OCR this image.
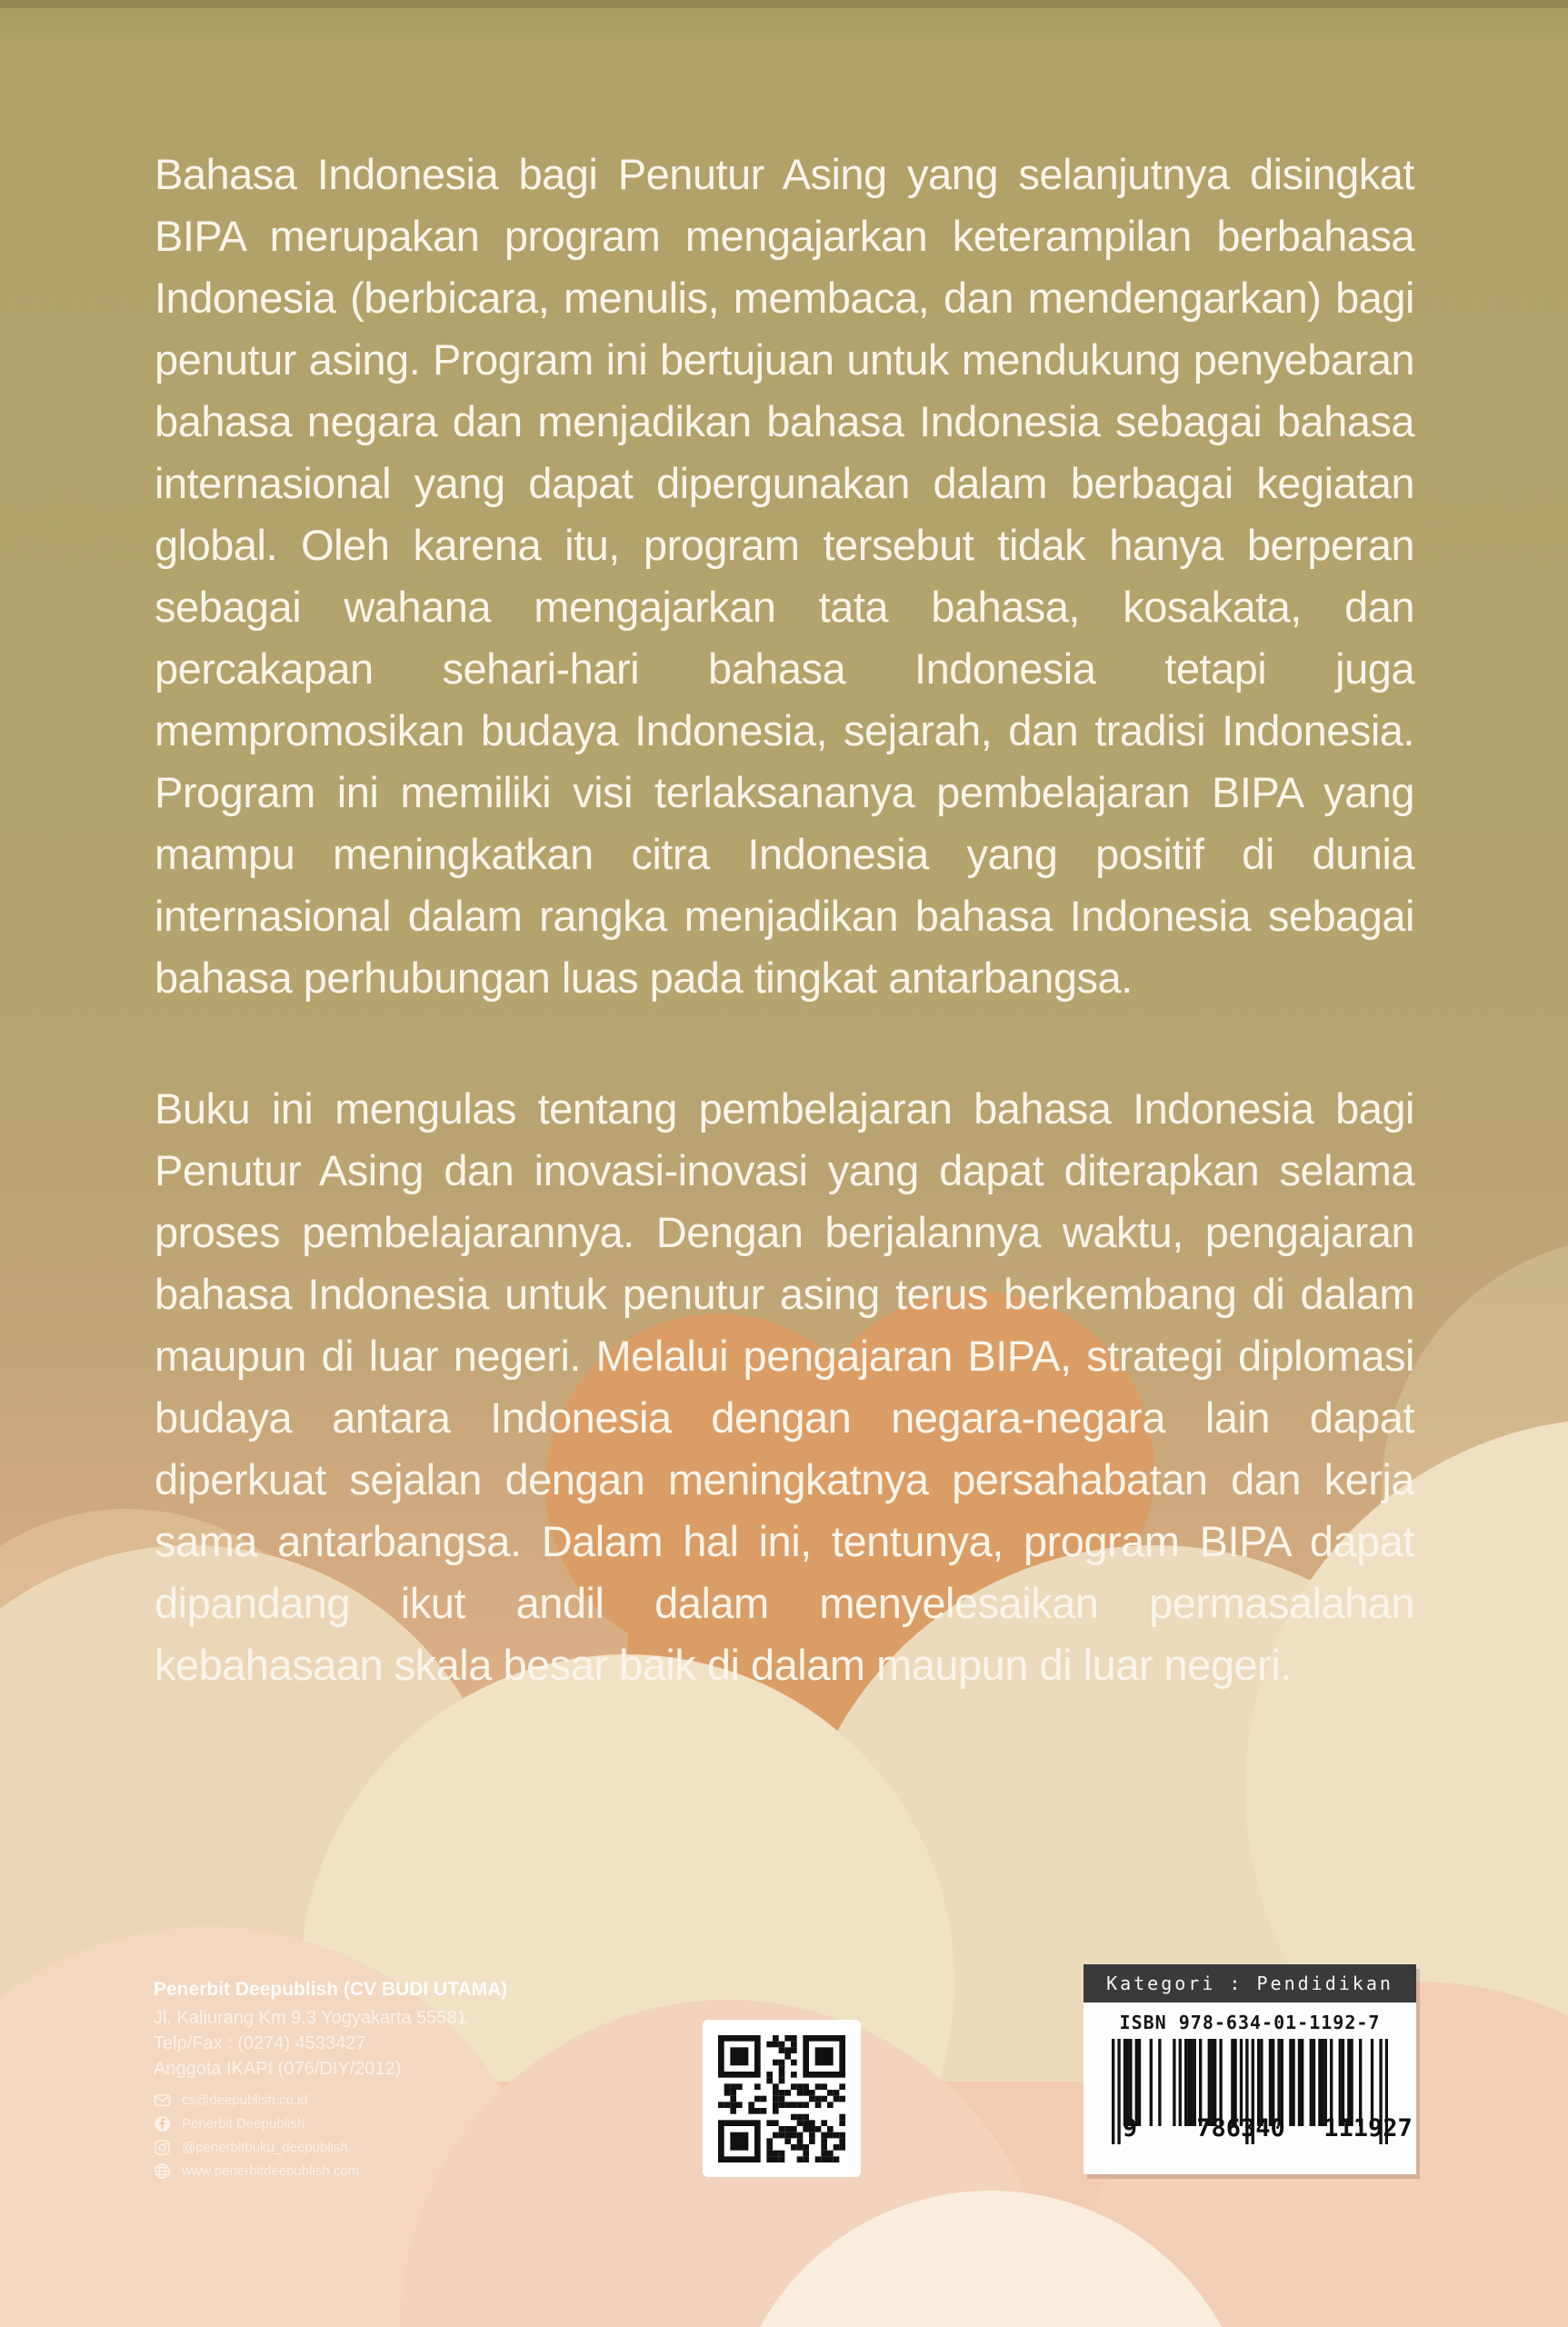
Bahasa Indonesia bagi Penutur Asing yang selanjutnya disingkat BIPA merupakan program mengajarkan keterampilan berbahasa Indonesia (berbicara, menulis, membaca, dan mendengarkan) bagi penutur asing. Program ini bertujuan untuk mendukung penyebaran bahasa negara dan menjadikan bahasa Indonesia sebagai bahasa internasional yang dapat dipergunakan dalam berbagai kegiatan global. Oleh karena itu, program tersebut tidak hanya berperan sebagai wahana mengajarkan tata bahasa, kosakata, dan percakapan sehari-hari bahasa Indonesia tetapi juga mempromosikan budaya Indonesia, sejarah, dan tradisi Indonesia. Program ini memiliki visi terlaksananya pembelajaran BIPA yang mampu meningkatkan citra Indonesia yang positif di dunia internasional dalam rangka menjadikan bahasa Indonesia sebagai bahasa perhubungan luas pada tingkat antarbangsa.

Buku ini mengulas tentang pembelajaran bahasa Indonesia bagi Penutur Asing dan inovasi-inovasi yang dapat diterapkan selama proses pembelajarannya. Dengan berjalannya waktu, pengajaran bahasa Indonesia untuk penutur asing terus berkembang di dalam maupun di luar negeri. Melalui pengajaran BIPA, strategi diplomasi budaya antara Indonesia dengan negara-negara lain dapat diperkuat sejalan dengan meningkatnya persahabatan dan kerja sama antarbangsa. Dalam hal ini, tentunya, program BIPA dapat dipandang ikut andil dalam menyelesaikan permasalahan kebahasaan skala besar baik di dalam maupun di luar negeri.

Penerbit Deepublish (CV BUDI UTAMA)
Jl. Kaliurang Km 9,3 Yogyakarta 55581
Telp/Fax : (0274) 4533427
Anggota IKAPI (076/DIY/2012)
cs@deepublish.co.id
Penerbit Deepublish
@penerbitbuku_deepublish
www.penerbitdeepublish.com
Kategori : Pendidikan
ISBN 978-634-01-1192-7
9	786340	111927
